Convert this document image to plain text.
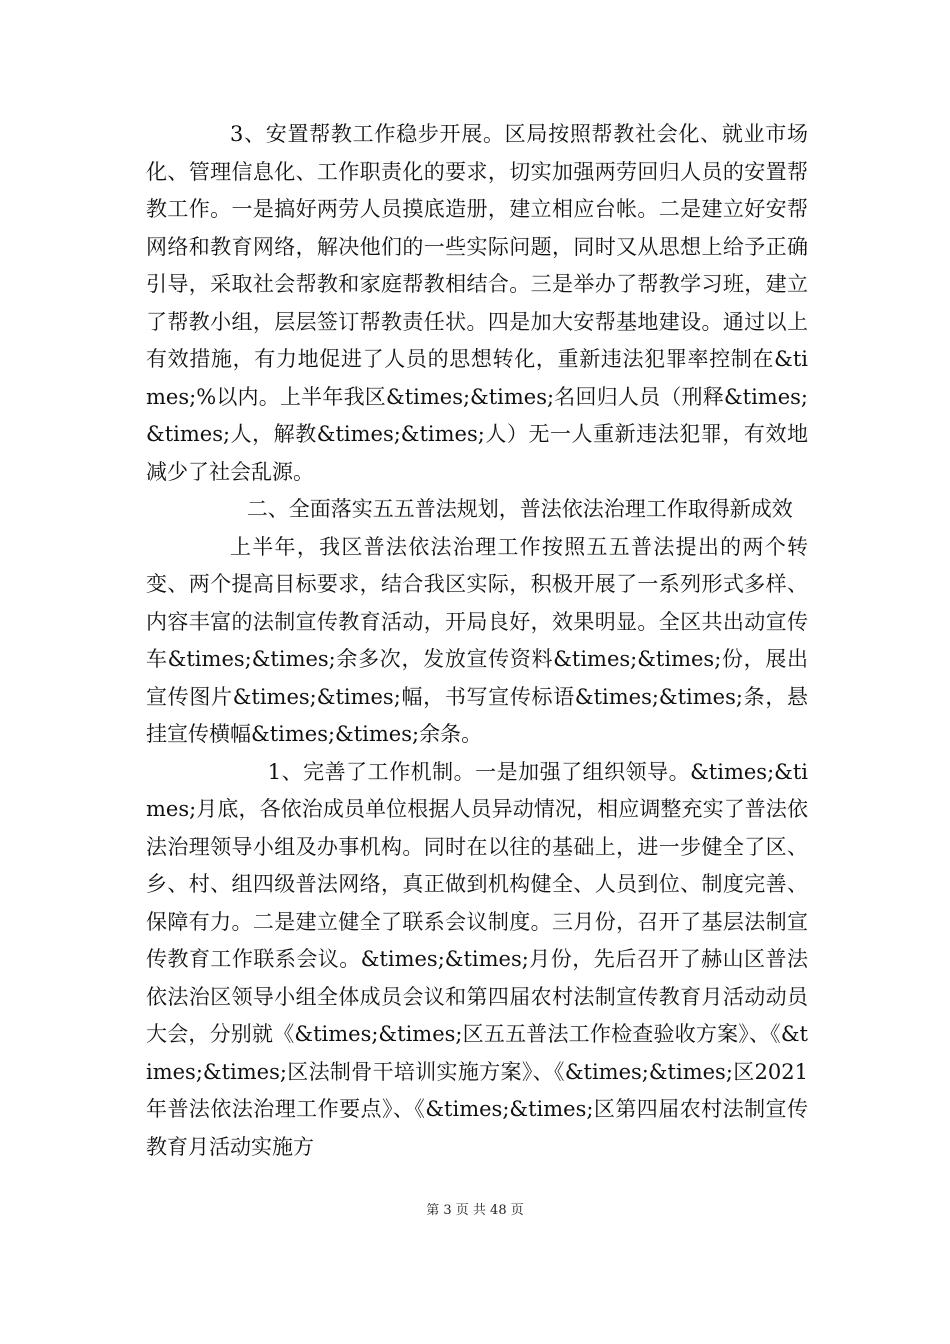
3、安置帮教工作稳步开展。区局按照帮教社会化、就业市场化、管理信息化、工作职责化的要求，切实加强两劳回归人员的安置帮教工作。一是搞好两劳人员摸底造册，建立相应台帐。二是建立好安帮网络和教育网络，解决他们的一些实际问题，同时又从思想上给予正确引导，采取社会帮教和家庭帮教相结合。三是举办了帮教学习班，建立了帮教小组，层层签订帮教责任状。四是加大安帮基地建设。通过以上有效措施，有力地促进了人员的思想转化，重新违法犯罪率控制在&times;%以内。上半年我区&times;&times;名回归人员（刑释&times;&times;人，解教&times;&times;人）无一人重新违法犯罪，有效地减少了社会乱源。

二、全面落实五五普法规划，普法依法治理工作取得新成效

上半年，我区普法依法治理工作按照五五普法提出的两个转变、两个提高目标要求，结合我区实际，积极开展了一系列形式多样、内容丰富的法制宣传教育活动，开局良好，效果明显。全区共出动宣传车&times;&times;余多次，发放宣传资料&times;&times;份，展出宣传图片&times;&times;幅，书写宣传标语&times;&times;条，悬挂宣传横幅&times;&times;余条。

1、完善了工作机制。一是加强了组织领导。&times;&times;月底，各依治成员单位根据人员异动情况，相应调整充实了普法依法治理领导小组及办事机构。同时在以往的基础上，进一步健全了区、乡、村、组四级普法网络，真正做到机构健全、人员到位、制度完善、保障有力。二是建立健全了联系会议制度。三月份，召开了基层法制宣传教育工作联系会议。&times;&times;月份，先后召开了赫山区普法依法治区领导小组全体成员会议和第四届农村法制宣传教育月活动动员大会，分别就《&times;&times;区五五普法工作检查验收方案》、《&times;&times;区法制骨干培训实施方案》、《&times;&times;区2021年普法依法治理工作要点》、《&times;&times;区第四届农村法制宣传教育月活动实施方

第 3 页 共 48 页
